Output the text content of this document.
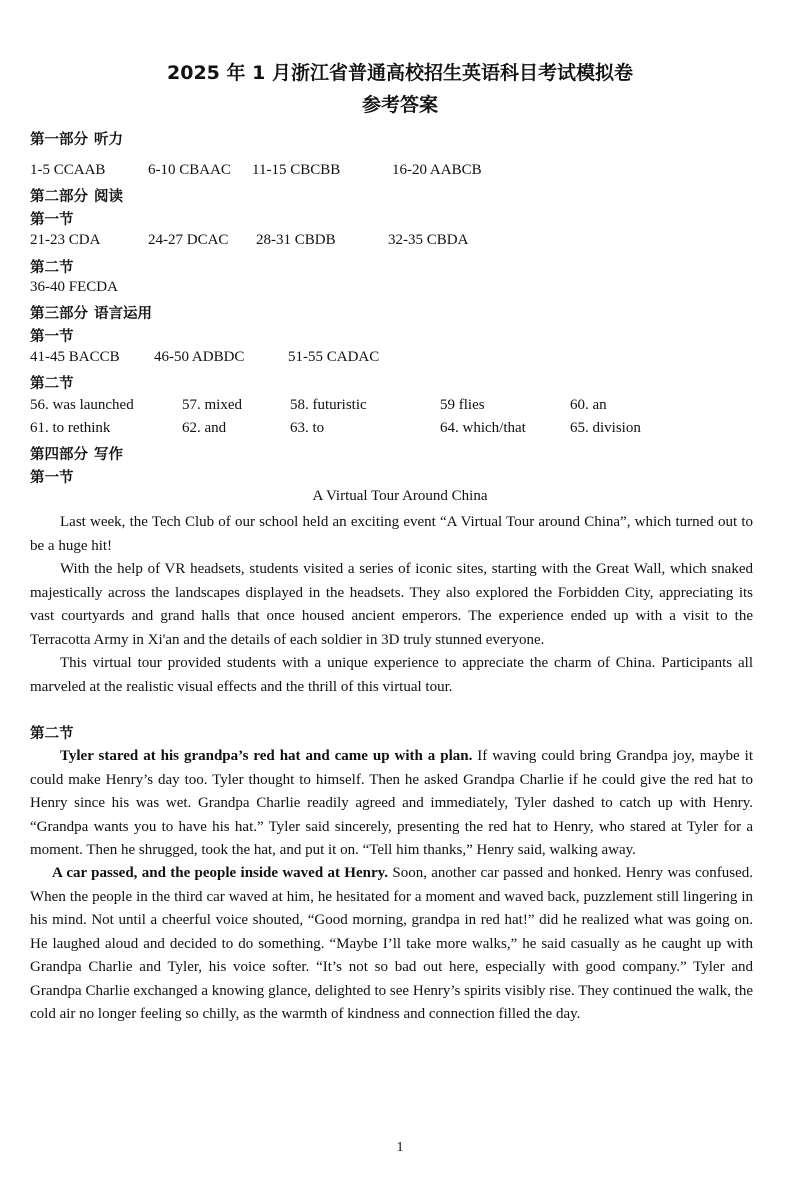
2025 年 1 月浙江省普通高校招生英语科目考试模拟卷
参考答案
第一部分 听力
1-5 CCAAB	6-10 CBAAC 11-15 CBCBB	16-20 AABCB
第二部分 阅读
第一节
21-23 CDA	24-27 DCAC 28-31 CBDB	32-35 CBDA
第二节
36-40 FECDA
第三部分 语言运用
第一节
41-45 BACCB 46-50 ADBDC	51-55 CADAC
第二节
56. was launched	57. mixed	58. futuristic	59 flies	60. an
61. to rethink	62. and	63. to	64. which/that	65. division
第四部分 写作
第一节
A Virtual Tour Around China

Last week, the Tech Club of our school held an exciting event “A Virtual Tour around China”, which turned out to be a huge hit!

With the help of VR headsets, students visited a series of iconic sites, starting with the Great Wall, which snaked majestically across the landscapes displayed in the headsets. They also explored the Forbidden City, appreciating its vast courtyards and grand halls that once housed ancient emperors. The experience ended up with a visit to the Terracotta Army in Xi'an and the details of each soldier in 3D truly stunned everyone.

This virtual tour provided students with a unique experience to appreciate the charm of China. Participants all marveled at the realistic visual effects and the thrill of this virtual tour.

第二节

Tyler stared at his grandpa’s red hat and came up with a plan. If waving could bring Grandpa joy, maybe it could make Henry’s day too. Tyler thought to himself. Then he asked Grandpa Charlie if he could give the red hat to Henry since his was wet. Grandpa Charlie readily agreed and immediately, Tyler dashed to catch up with Henry. “Grandpa wants you to have his hat.” Tyler said sincerely, presenting the red hat to Henry, who stared at Tyler for a moment. Then he shrugged, took the hat, and put it on. “Tell him thanks,” Henry said, walking away.

A car passed, and the people inside waved at Henry. Soon, another car passed and honked. Henry was confused. When the people in the third car waved at him, he hesitated for a moment and waved back, puzzlement still lingering in his mind. Not until a cheerful voice shouted, “Good morning, grandpa in red hat!” did he realized what was going on. He laughed aloud and decided to do something. “Maybe I’ll take more walks,” he said casually as he caught up with Grandpa Charlie and Tyler, his voice softer. “It’s not so bad out here, especially with good company.” Tyler and Grandpa Charlie exchanged a knowing glance, delighted to see Henry’s spirits visibly rise. They continued the walk, the cold air no longer feeling so chilly, as the warmth of kindness and connection filled the day.

1
